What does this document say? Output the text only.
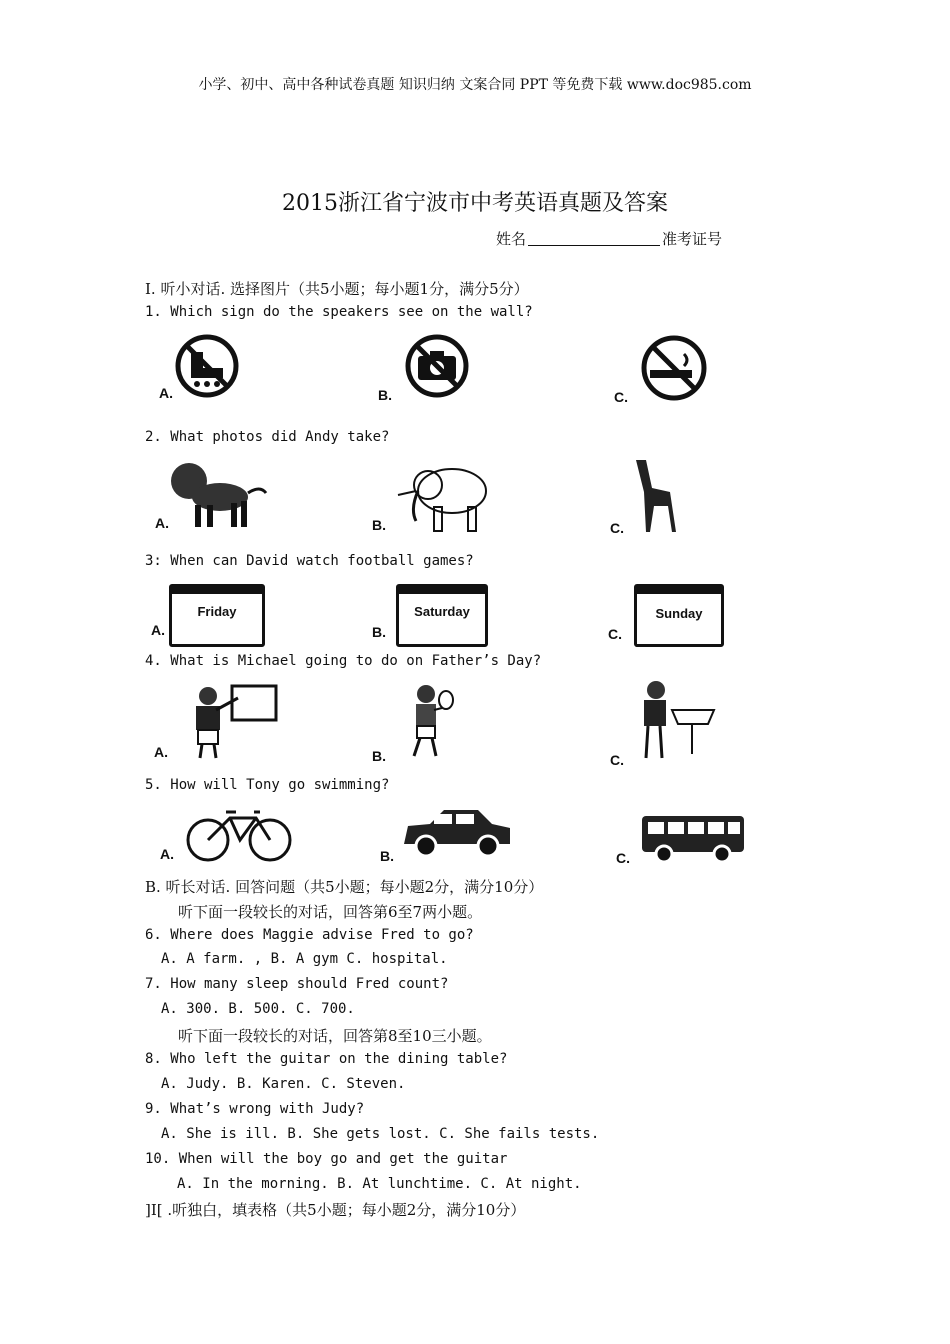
小学、初中、高中各种试卷真题 知识归纳 文案合同 PPT 等免费下载 www.doc985.com
2015浙江省宁波市中考英语真题及答案
姓名	准考证号
I. 听小对话. 选择图片（共5小题；每小题1分，满分5分）
1. Which sign do the speakers see on the wall?
A.	B.	C.
2. What photos did Andy take?
A.	B.	C.
3: When can David watch football games?
Friday
A.
Saturday
B.
Sunday
C.
4. What is Michael going to do on Father’s Day?
A.	B.	C.
5. How will Tony go swimming?
A.	B.	C.
B. 听长对话. 回答问题（共5小题；每小题2分，满分10分）
听下面一段较长的对话，回答第6至7两小题。
6. Where does Maggie advise Fred to go?
A. A farm. , B. A gym C. hospital.
7. How many sleep should Fred count?
A. 300. B. 500. C. 700.
听下面一段较长的对话，回答第8至10三小题。
8. Who left the guitar on the dining table?
A. Judy. B. Karen. C. Steven.
9. What’s wrong with Judy?
A. She is ill. B. She gets lost. C. She fails tests.
10. When will the boy go and get the guitar
A. In the morning. B. At lunchtime. C. At night.
]I[ .听独白，填表格（共5小题；每小题2分，满分10分）
